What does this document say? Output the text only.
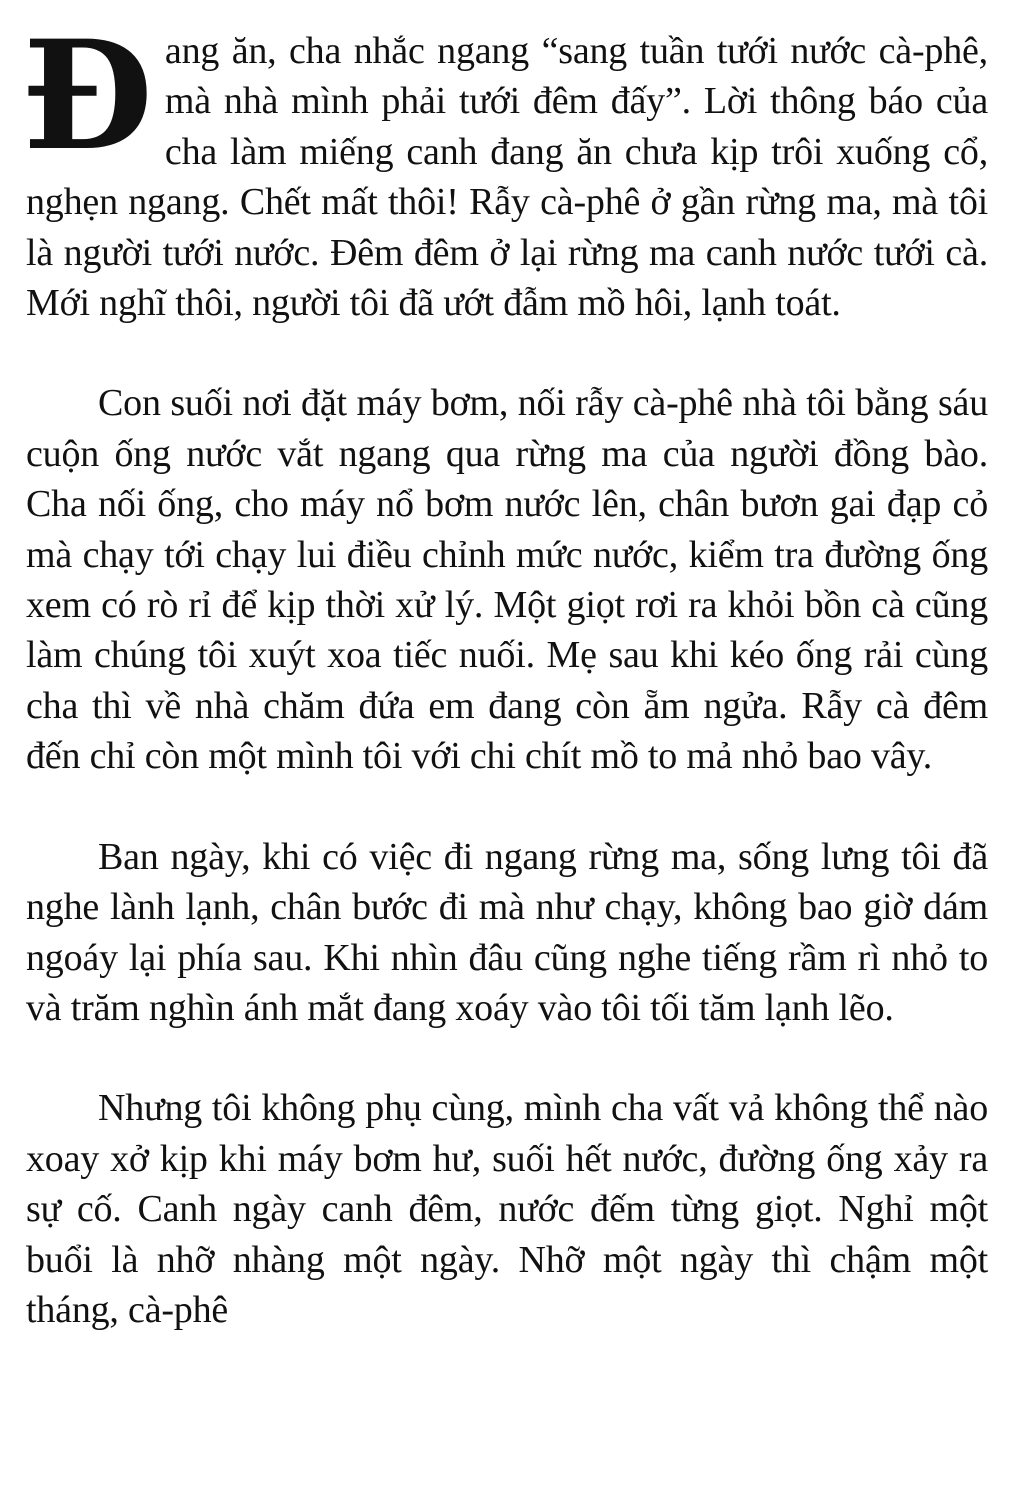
Đang ăn, cha nhắc ngang “sang tuần tưới nước cà-phê, mà nhà mình phải tưới đêm đấy”. Lời thông báo của cha làm miếng canh đang ăn chưa kịp trôi xuống cổ, nghẹn ngang. Chết mất thôi! Rẫy cà-phê ở gần rừng ma, mà tôi là người tưới nước. Đêm đêm ở lại rừng ma canh nước tưới cà. Mới nghĩ thôi, người tôi đã ướt đẫm mồ hôi, lạnh toát.

Con suối nơi đặt máy bơm, nối rẫy cà-phê nhà tôi bằng sáu cuộn ống nước vắt ngang qua rừng ma của người đồng bào. Cha nối ống, cho máy nổ bơm nước lên, chân bươn gai đạp cỏ mà chạy tới chạy lui điều chỉnh mức nước, kiểm tra đường ống xem có rò rỉ để kịp thời xử lý. Một giọt rơi ra khỏi bồn cà cũng làm chúng tôi xuýt xoa tiếc nuối. Mẹ sau khi kéo ống rải cùng cha thì về nhà chăm đứa em đang còn ẵm ngửa. Rẫy cà đêm đến chỉ còn một mình tôi với chi chít mồ to mả nhỏ bao vây.

Ban ngày, khi có việc đi ngang rừng ma, sống lưng tôi đã nghe lành lạnh, chân bước đi mà như chạy, không bao giờ dám ngoáy lại phía sau. Khi nhìn đâu cũng nghe tiếng rầm rì nhỏ to và trăm nghìn ánh mắt đang xoáy vào tôi tối tăm lạnh lẽo.

Nhưng tôi không phụ cùng, mình cha vất vả không thể nào xoay xở kịp khi máy bơm hư, suối hết nước, đường ống xảy ra sự cố. Canh ngày canh đêm, nước đếm từng giọt. Nghỉ một buổi là nhỡ nhàng một ngày. Nhỡ một ngày thì chậm một tháng, cà-phê
